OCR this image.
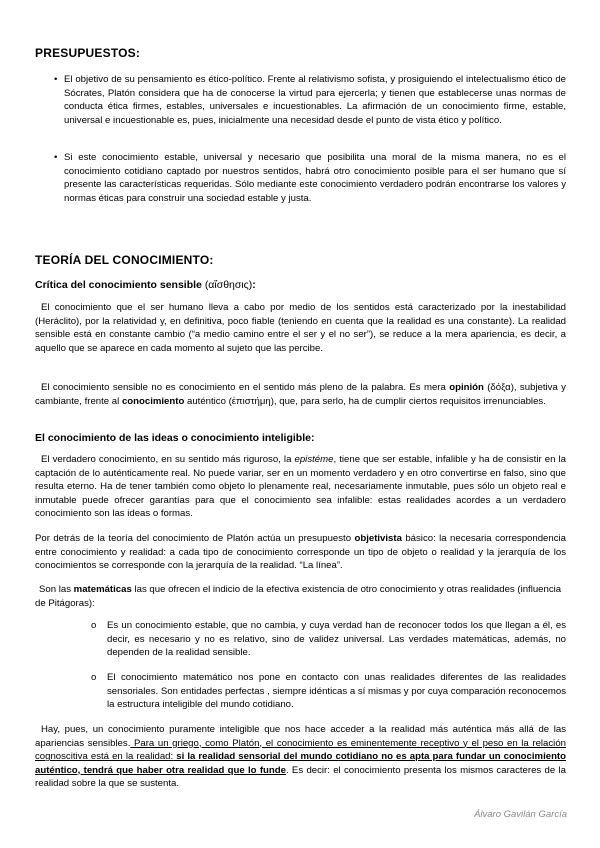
PRESUPUESTOS:
• El objetivo de su pensamiento es ético-político. Frente al relativismo sofista, y prosiguiendo el intelectualismo ético de Sócrates, Platón considera que ha de conocerse la virtud para ejercerla; y tienen que establecerse unas normas de conducta ética firmes, estables, universales e incuestionables. La afirmación de un conocimiento firme, estable, universal e incuestionable es, pues, inicialmente una necesidad desde el punto de vista ético y político.
• Si este conocimiento estable, universal y necesario que posibilita una moral de la misma manera, no es el conocimiento cotidiano captado por nuestros sentidos, habrá otro conocimiento posible para el ser humano que sí presente las características requeridas. Sólo mediante este conocimiento verdadero podrán encontrarse los valores y normas éticas para construir una sociedad estable y justa.
TEORÍA DEL CONOCIMIENTO:
Crítica del conocimiento sensible (αἴσθησις):
El conocimiento que el ser humano lleva a cabo por medio de los sentidos está caracterizado por la inestabilidad (Heráclito), por la relatividad y, en definitiva, poco fiable (teniendo en cuenta que la realidad es una constante). La realidad sensible está en constante cambio (“a medio camino entre el ser y el no ser”), se reduce a la mera apariencia, es decir, a aquello que se aparece en cada momento al sujeto que las percibe.
El conocimiento sensible no es conocimiento en el sentido más pleno de la palabra. Es mera opinión (δόξα), subjetiva y cambiante, frente al conocimiento auténtico (ἐπιστήμη), que, para serlo, ha de cumplir ciertos requisitos irrenunciables.
El conocimiento de las ideas o conocimiento inteligible:
El verdadero conocimiento, en su sentido más riguroso, la epistéme, tiene que ser estable, infalible y ha de consistir en la captación de lo auténticamente real. No puede variar, ser en un momento verdadero y en otro convertirse en falso, sino que resulta eterno. Ha de tener también como objeto lo plenamente real, necesariamente inmutable, pues sólo un objeto real e inmutable puede ofrecer garantías para que el conocimiento sea infalible: estas realidades acordes a un verdadero conocimiento son las ideas o formas.
Por detrás de la teoría del conocimiento de Platón actúa un presupuesto objetivista básico: la necesaria correspondencia entre conocimiento y realidad: a cada tipo de conocimiento corresponde un tipo de objeto o realidad y la jerarquía de los conocimientos se corresponde con la jerarquía de la realidad. “La línea”.
Son las matemáticas las que ofrecen el indicio de la efectiva existencia de otro conocimiento y otras realidades (influencia de Pitágoras):
o Es un conocimiento estable, que no cambia, y cuya verdad han de reconocer todos los que llegan a él, es decir, es necesario y no es relativo, sino de validez universal. Las verdades matemáticas, además, no dependen de la realidad sensible.
o El conocimiento matemático nos pone en contacto con unas realidades diferentes de las realidades sensoriales. Son entidades perfectas , siempre idénticas a sí mismas y por cuya comparación reconocemos la estructura inteligible del mundo cotidiano.
Hay, pues, un conocimiento puramente inteligible que nos hace acceder a la realidad más auténtica más allá de las apariencias sensibles. Para un griego, como Platón, el conocimiento es eminentemente receptivo y el peso en la relación cognoscitiva está en la realidad: si la realidad sensorial del mundo cotidiano no es apta para fundar un conocimiento auténtico, tendrá que haber otra realidad que lo funde. Es decir: el conocimiento presenta los mismos caracteres de la realidad sobre la que se sustenta.
Álvaro Gavilán García
